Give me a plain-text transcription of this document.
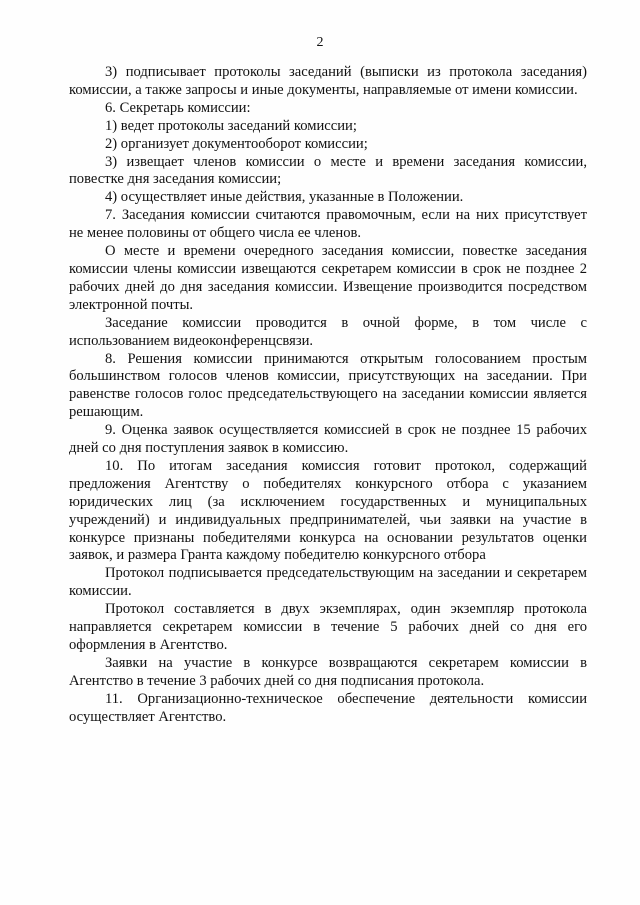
2

3) подписывает протоколы заседаний (выписки из протокола заседания) комиссии, а также запросы и иные документы, направляемые от имени комиссии.

6. Секретарь комиссии:

1) ведет протоколы заседаний комиссии;

2) организует документооборот комиссии;

3) извещает членов комиссии о месте и времени заседания комиссии, повестке дня заседания комиссии;

4) осуществляет иные действия, указанные в Положении.

7. Заседания комиссии считаются правомочным, если на них присутствует не менее половины от общего числа ее членов.

О месте и времени очередного заседания комиссии, повестке заседания комиссии члены комиссии извещаются секретарем комиссии в срок не позднее 2 рабочих дней до дня заседания комиссии. Извещение производится посредством электронной почты.

Заседание комиссии проводится в очной форме, в том числе с использованием видеоконференцсвязи.

8. Решения комиссии принимаются открытым голосованием простым большинством голосов членов комиссии, присутствующих на заседании. При равенстве голосов голос председательствующего на заседании комиссии является решающим.

9. Оценка заявок осуществляется комиссией в срок не позднее 15 рабочих дней со дня поступления заявок в комиссию.

10. По итогам заседания комиссия готовит протокол, содержащий предложения Агентству о победителях конкурсного отбора с указанием юридических лиц (за исключением государственных и муниципальных учреждений) и индивидуальных предпринимателей, чьи заявки на участие в конкурсе признаны победителями конкурса на основании результатов оценки заявок, и размера Гранта каждому победителю конкурсного отбора

Протокол подписывается председательствующим на заседании и секретарем комиссии.

Протокол составляется в двух экземплярах, один экземпляр протокола направляется секретарем комиссии в течение 5 рабочих дней со дня его оформления в Агентство.

Заявки на участие в конкурсе возвращаются секретарем комиссии в Агентство в течение 3 рабочих дней со дня подписания протокола.

11. Организационно-техническое обеспечение деятельности комиссии осуществляет Агентство.
